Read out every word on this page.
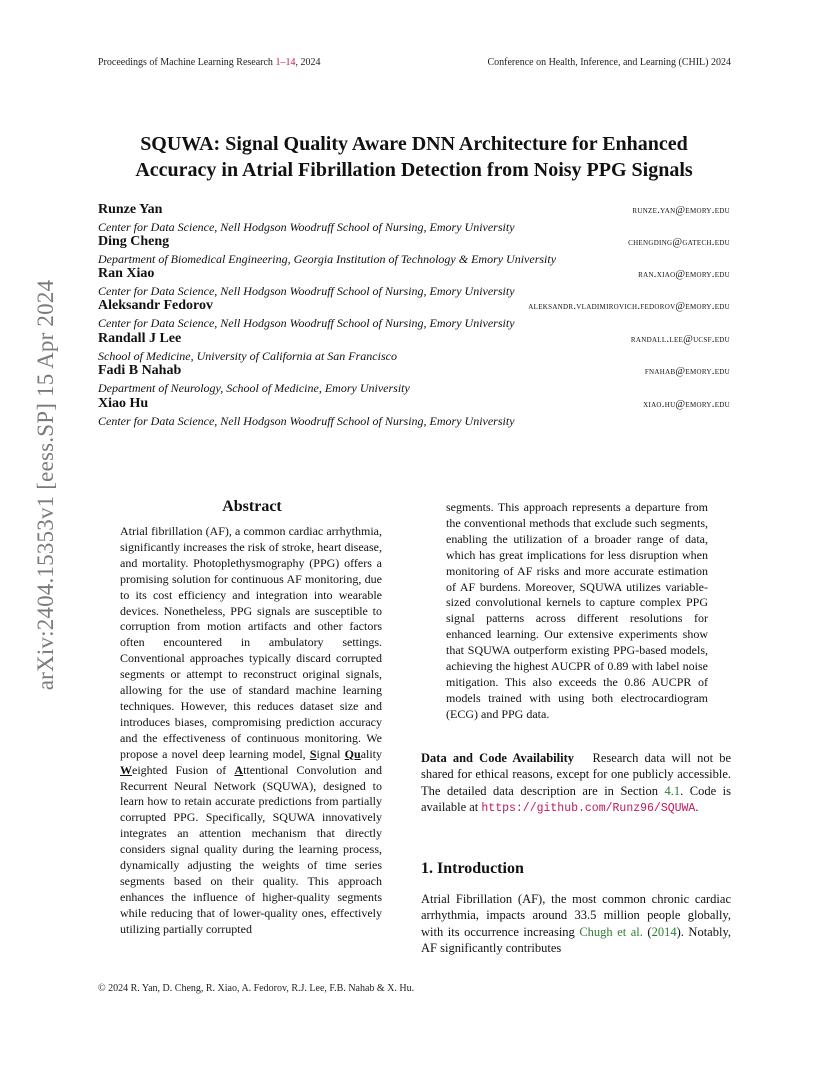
Proceedings of Machine Learning Research 1–14, 2024	Conference on Health, Inference, and Learning (CHIL) 2024
arXiv:2404.15353v1 [eess.SP] 15 Apr 2024
SQUWA: Signal Quality Aware DNN Architecture for Enhanced
Accuracy in Atrial Fibrillation Detection from Noisy PPG Signals
Runze Yan	runze.yan@emory.edu
Center for Data Science, Nell Hodgson Woodruff School of Nursing, Emory University
Ding Cheng	chengding@gatech.edu
Department of Biomedical Engineering, Georgia Institution of Technology & Emory University
Ran Xiao	ran.xiao@emory.edu
Center for Data Science, Nell Hodgson Woodruff School of Nursing, Emory University
Aleksandr Fedorov	aleksandr.vladimirovich.fedorov@emory.edu
Center for Data Science, Nell Hodgson Woodruff School of Nursing, Emory University
Randall J Lee	randall.lee@ucsf.edu
School of Medicine, University of California at San Francisco
Fadi B Nahab	fnahab@emory.edu
Department of Neurology, School of Medicine, Emory University
Xiao Hu	xiao.hu@emory.edu
Center for Data Science, Nell Hodgson Woodruff School of Nursing, Emory University
Abstract

Atrial fibrillation (AF), a common cardiac arrhythmia, significantly increases the risk of stroke, heart disease, and mortality. Photoplethysmography (PPG) offers a promising solution for continuous AF monitoring, due to its cost efficiency and integration into wearable devices. Nonetheless, PPG signals are susceptible to corruption from motion artifacts and other factors often encountered in ambulatory settings. Conventional approaches typically discard corrupted segments or attempt to reconstruct original signals, allowing for the use of standard machine learning techniques. However, this reduces dataset size and introduces biases, compromising prediction accuracy and the effectiveness of continuous monitoring. We propose a novel deep learning model, Signal Quality Weighted Fusion of Attentional Convolution and Recurrent Neural Network (SQUWA), designed to learn how to retain accurate predictions from partially corrupted PPG. Specifically, SQUWA innovatively integrates an attention mechanism that directly considers signal quality during the learning process, dynamically adjusting the weights of time series segments based on their quality. This approach enhances the influence of higher-quality segments while reducing that of lower-quality ones, effectively utilizing partially corrupted

segments. This approach represents a departure from the conventional methods that exclude such segments, enabling the utilization of a broader range of data, which has great implications for less disruption when monitoring of AF risks and more accurate estimation of AF burdens. Moreover, SQUWA utilizes variable-sized convolutional kernels to capture complex PPG signal patterns across different resolutions for enhanced learning. Our extensive experiments show that SQUWA outperform existing PPG-based models, achieving the highest AUCPR of 0.89 with label noise mitigation. This also exceeds the 0.86 AUCPR of models trained with using both electrocardiogram (ECG) and PPG data.
Data and Code Availability Research data will not be shared for ethical reasons, except for one publicly accessible. The detailed data description are in Section 4.1. Code is available at https://github.com/Runz96/SQUWA.
1. Introduction
Atrial Fibrillation (AF), the most common chronic cardiac arrhythmia, impacts around 33.5 million people globally, with its occurrence increasing Chugh et al. (2014). Notably, AF significantly contributes
© 2024 R. Yan, D. Cheng, R. Xiao, A. Fedorov, R.J. Lee, F.B. Nahab & X. Hu.
